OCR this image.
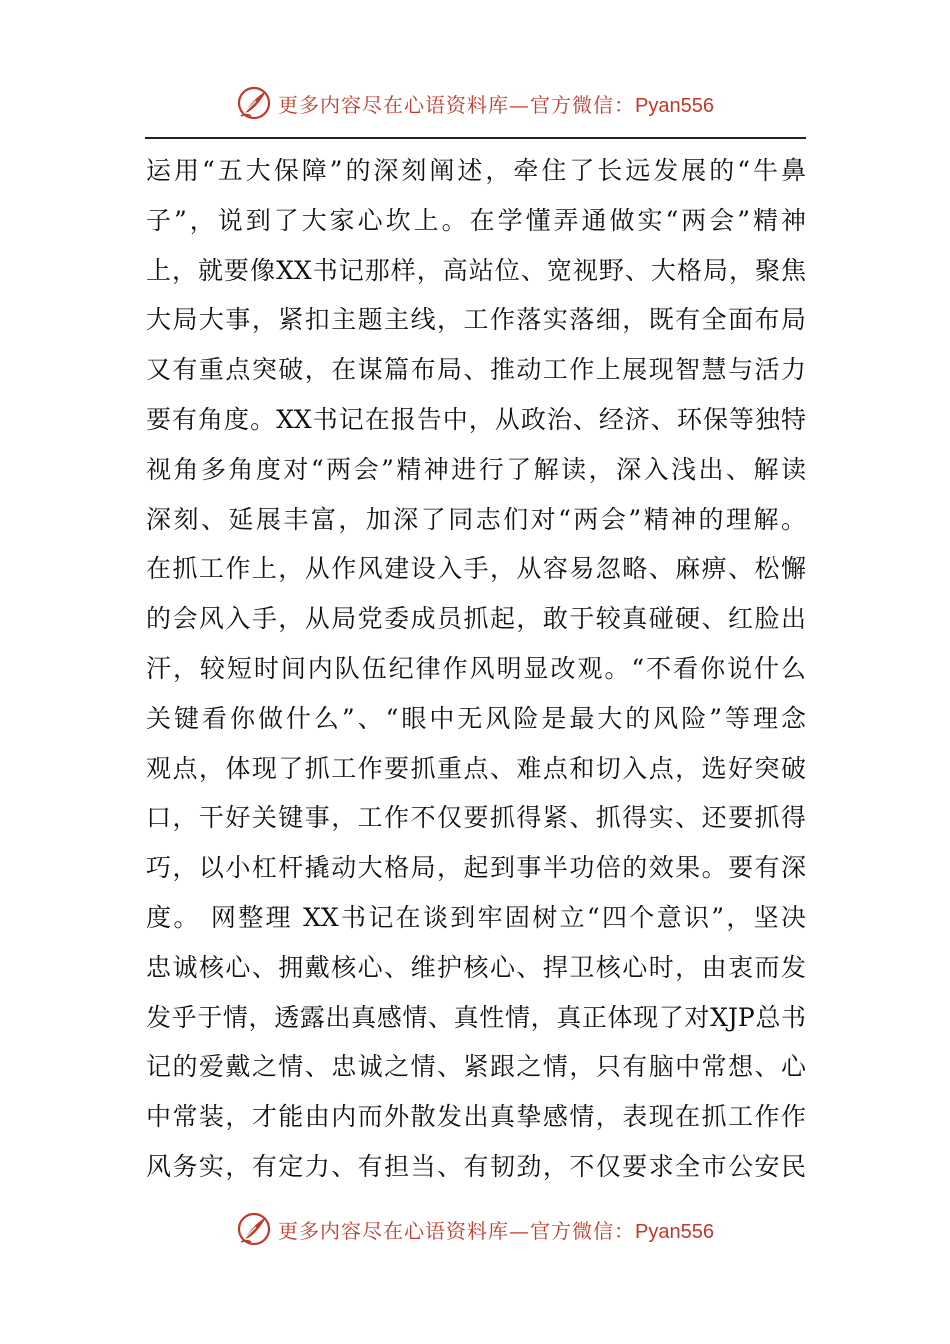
更多内容尽在心语资料库—官方微信：Pyan556
运用“五大保障”的深刻阐述，牵住了长远发展的“牛鼻
子”，说到了大家心坎上。在学懂弄通做实“两会”精神
上，就要像XX书记那样，高站位、宽视野、大格局，聚焦
大局大事，紧扣主题主线，工作落实落细，既有全面布局
又有重点突破，在谋篇布局、推动工作上展现智慧与活力
要有角度。XX书记在报告中，从政治、经济、环保等独特
视角多角度对“两会”精神进行了解读，深入浅出、解读
深刻、延展丰富，加深了同志们对“两会”精神的理解。
在抓工作上，从作风建设入手，从容易忽略、麻痹、松懈
的会风入手，从局党委成员抓起，敢于较真碰硬、红脸出
汗，较短时间内队伍纪律作风明显改观。“不看你说什么
关键看你做什么”、“眼中无风险是最大的风险”等理念
观点，体现了抓工作要抓重点、难点和切入点，选好突破
口，干好关键事，工作不仅要抓得紧、抓得实、还要抓得
巧，以小杠杆撬动大格局，起到事半功倍的效果。要有深
度。 网整理 XX书记在谈到牢固树立“四个意识”，坚决
忠诚核心、拥戴核心、维护核心、捍卫核心时，由衷而发
发乎于情，透露出真感情、真性情，真正体现了对XJP总书
记的爱戴之情、忠诚之情、紧跟之情，只有脑中常想、心
中常装，才能由内而外散发出真挚感情，表现在抓工作作
风务实，有定力、有担当、有韧劲，不仅要求全市公安民
更多内容尽在心语资料库—官方微信：Pyan556
